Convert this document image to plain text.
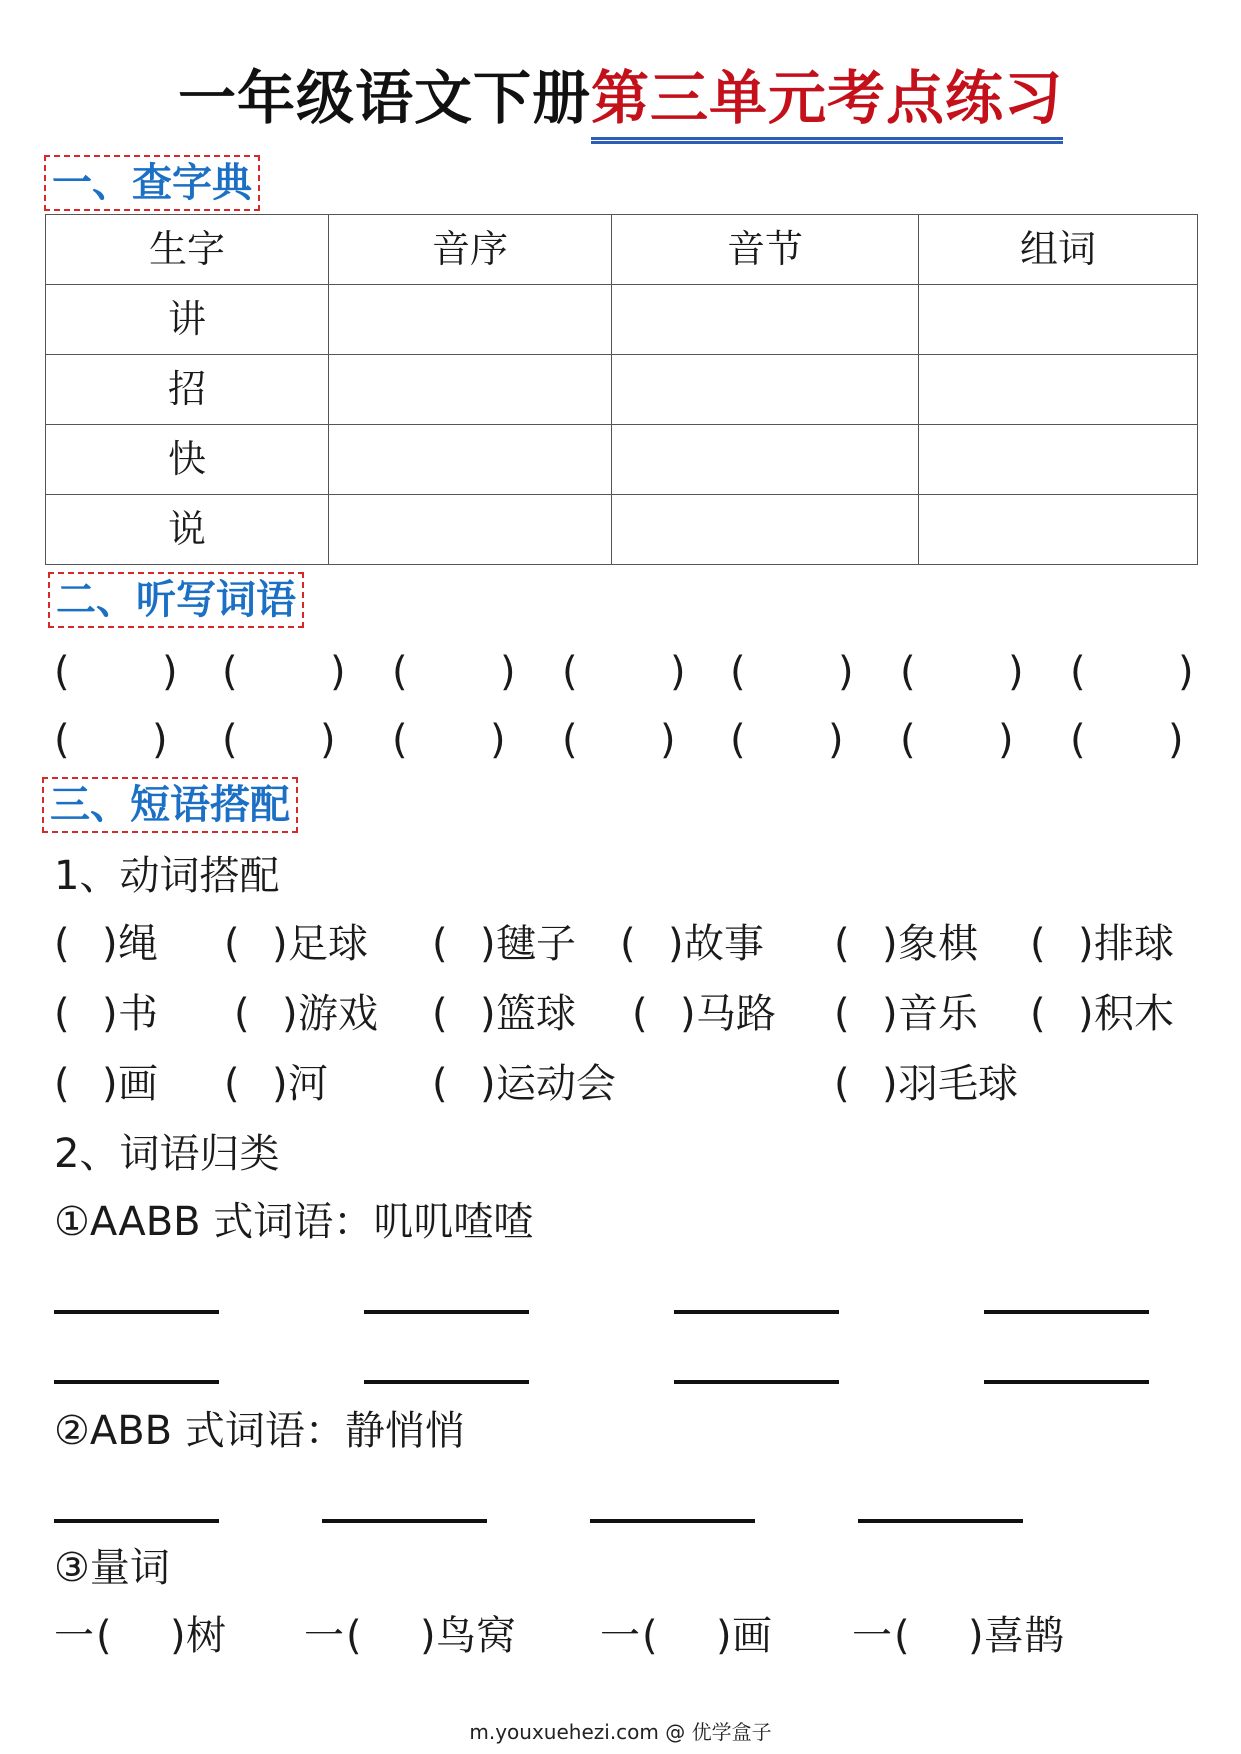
一年级语文下册第三单元考点练习
一、查字典
生字	音序	音节	组词
讲			
招			
快			
说			
二、听写词语
( ) ( ) ( ) ( ) ( ) ( ) ( )
( ) ( ) ( ) ( ) ( ) ( ) ( )
三、短语搭配
1、动词搭配
( ) 绳 ( ) 足球 ( ) 毽子 ( ) 故事 ( ) 象棋 ( ) 排球
( ) 书 ( ) 游戏 ( ) 篮球 ( ) 马路 ( ) 音乐 ( ) 积木
( ) 画 ( ) 河	( ) 运动会	( ) 羽毛球
2、词语归类
①AABB 式词语：叽叽喳喳
②ABB 式词语：静悄悄
③量词
一 ( ) 树 一 ( ) 鸟窝 一 ( ) 画 一 ( ) 喜鹊
m.youxuehezi.com @ 优学盒子
